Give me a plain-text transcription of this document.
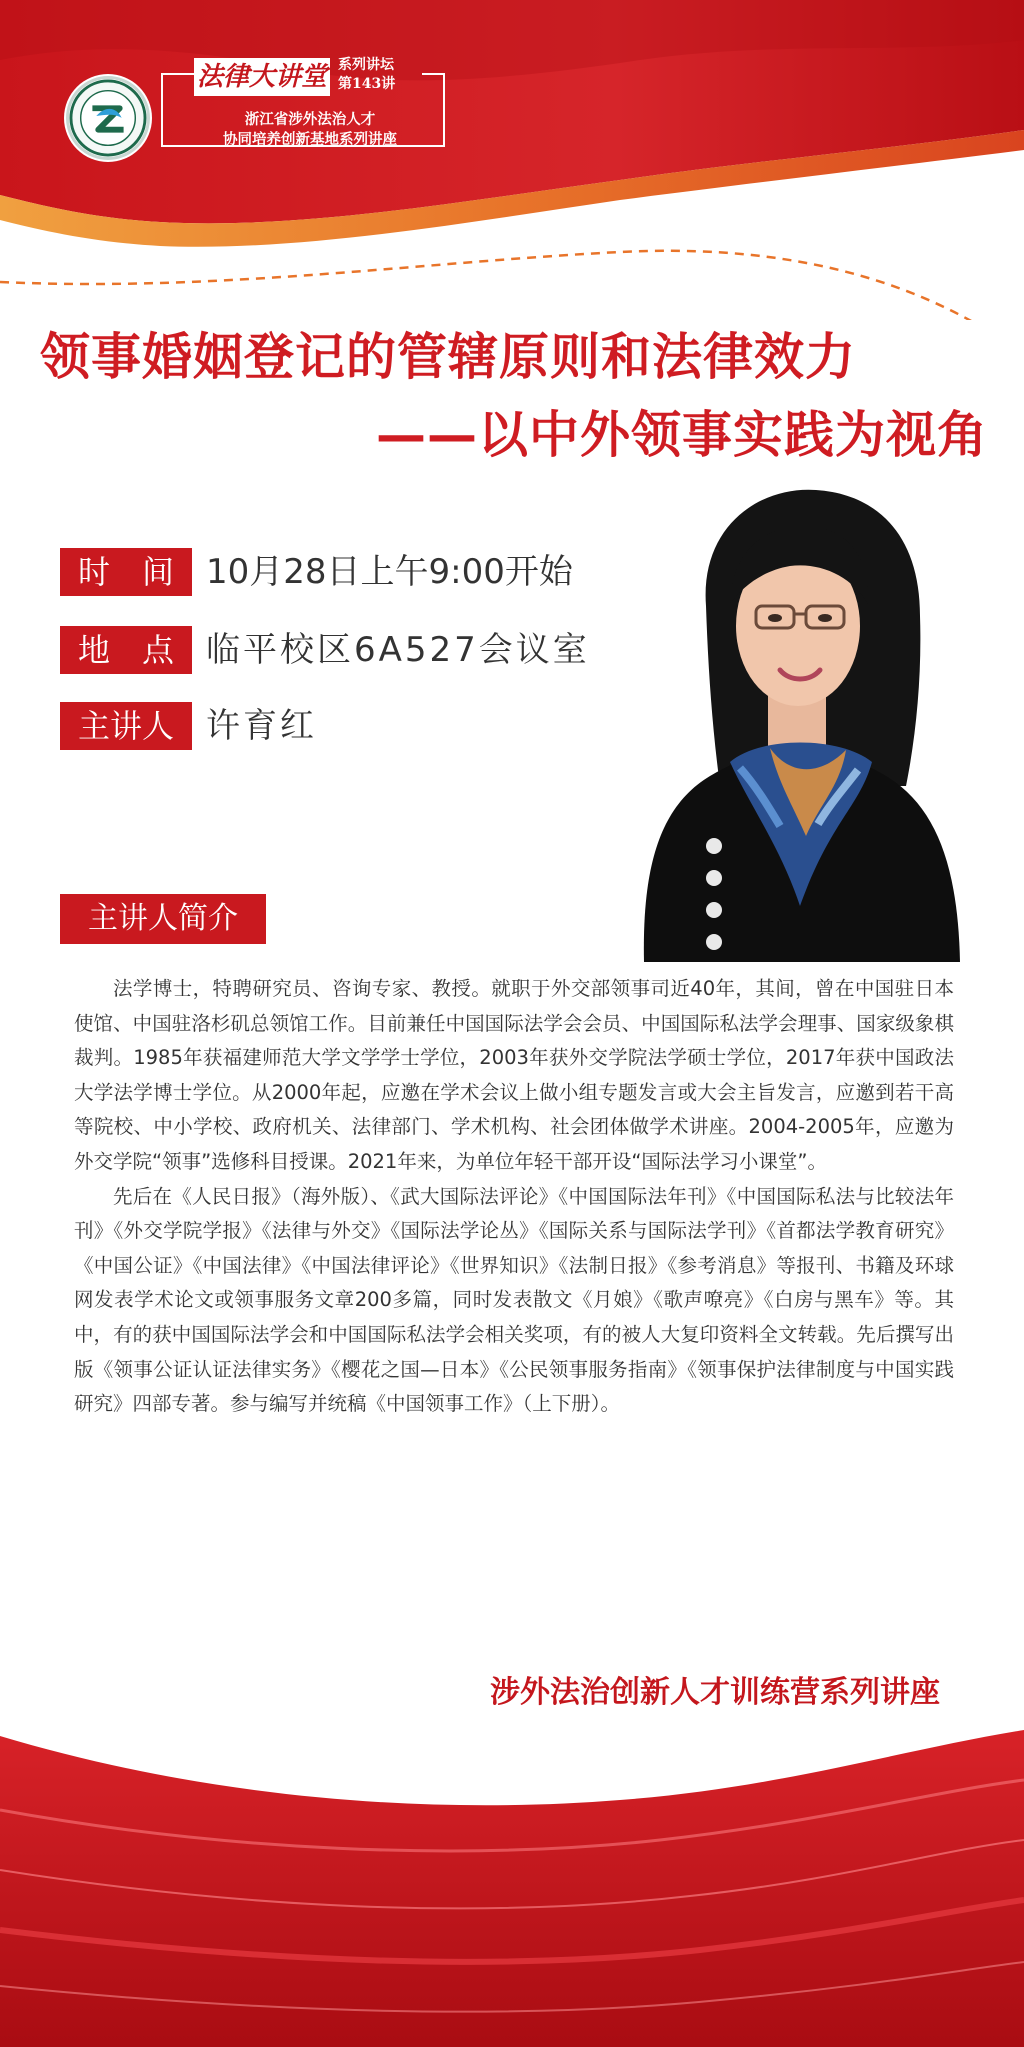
法律大讲堂 系列讲坛
第143讲
浙江省涉外法治人才
协同培养创新基地系列讲座
领事婚姻登记的管辖原则和法律效力
——以中外领事实践为视角
时　间 10月28日上午9:00开始
地　点 临平校区6A527会议室
主讲人 许育红
主讲人简介

法学博士，特聘研究员、咨询专家、教授。就职于外交部领事司近40年，其间，曾在中国驻日本使馆、中国驻洛杉矶总领馆工作。目前兼任中国国际法学会会员、中国国际私法学会理事、国家级象棋裁判。1985年获福建师范大学文学学士学位，2003年获外交学院法学硕士学位，2017年获中国政法大学法学博士学位。从2000年起，应邀在学术会议上做小组专题发言或大会主旨发言，应邀到若干高等院校、中小学校、政府机关、法律部门、学术机构、社会团体做学术讲座。2004-2005年，应邀为外交学院“领事”选修科目授课。2021年来，为单位年轻干部开设“国际法学习小课堂”。

先后在《人民日报》（海外版）、《武大国际法评论》《中国国际法年刊》《中国国际私法与比较法年刊》《外交学院学报》《法律与外交》《国际法学论丛》《国际关系与国际法学刊》《首都法学教育研究》《中国公证》《中国法律》《中国法律评论》《世界知识》《法制日报》《参考消息》等报刊、书籍及环球网发表学术论文或领事服务文章200多篇，同时发表散文《月娘》《歌声嘹亮》《白房与黑车》等。其中，有的获中国国际法学会和中国国际私法学会相关奖项，有的被人大复印资料全文转载。先后撰写出版《领事公证认证法律实务》《樱花之国—日本》《公民领事服务指南》《领事保护法律制度与中国实践研究》四部专著。参与编写并统稿《中国领事工作》（上下册）。

涉外法治创新人才训练营系列讲座
